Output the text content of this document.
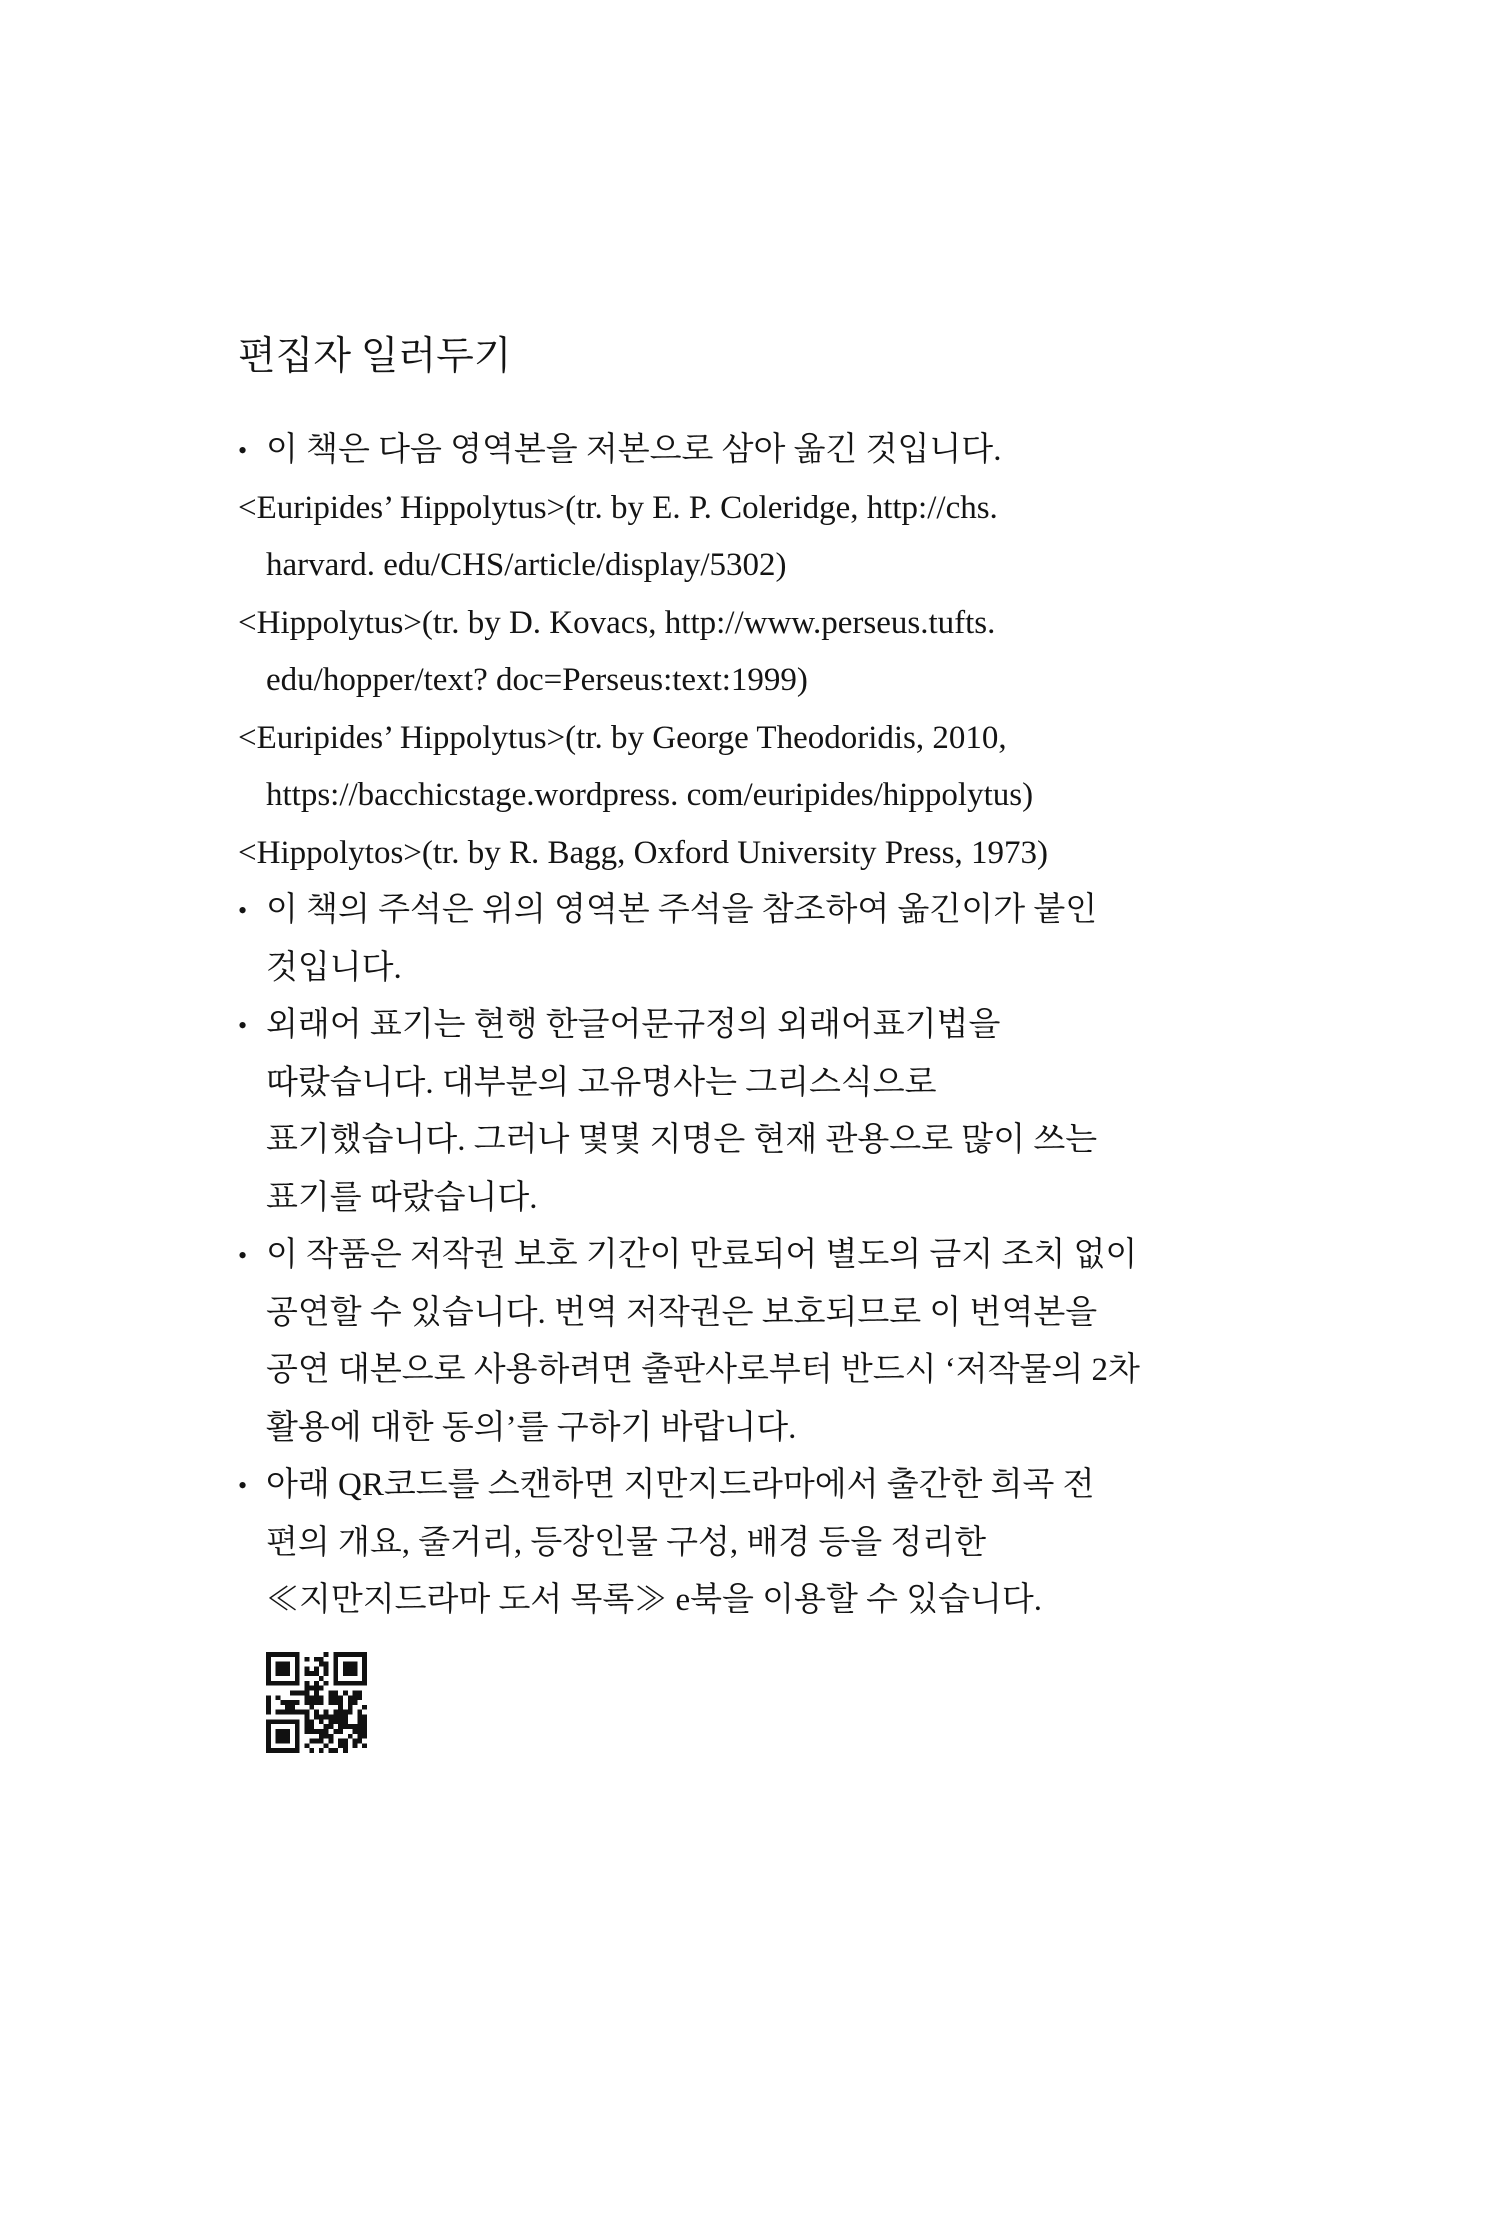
편집자 일러두기
• 이 책은 다음 영역본을 저본으로 삼아 옮긴 것입니다.
<Euripides’ Hippolytus>(tr. by E. P. Coleridge, http://chs.
harvard. edu/CHS/article/display/5302)
<Hippolytus>(tr. by D. Kovacs, http://www.perseus.tufts.
edu/hopper/text? doc=Perseus:text:1999)
<Euripides’ Hippolytus>(tr. by George Theodoridis, 2010,
https://bacchicstage.wordpress. com/euripides/hippolytus)
<Hippolytos>(tr. by R. Bagg, Oxford University Press, 1973)
• 이 책의 주석은 위의 영역본 주석을 참조하여 옮긴이가 붙인
것입니다.
• 외래어 표기는 현행 한글어문규정의 외래어표기법을
따랐습니다. 대부분의 고유명사는 그리스식으로
표기했습니다. 그러나 몇몇 지명은 현재 관용으로 많이 쓰는
표기를 따랐습니다.
• 이 작품은 저작권 보호 기간이 만료되어 별도의 금지 조치 없이
공연할 수 있습니다. 번역 저작권은 보호되므로 이 번역본을
공연 대본으로 사용하려면 출판사로부터 반드시 ‘저작물의 2차
활용에 대한 동의’를 구하기 바랍니다.
• 아래 QR코드를 스캔하면 지만지드라마에서 출간한 희곡 전
편의 개요, 줄거리, 등장인물 구성, 배경 등을 정리한
≪지만지드라마 도서 목록≫ e북을 이용할 수 있습니다.
